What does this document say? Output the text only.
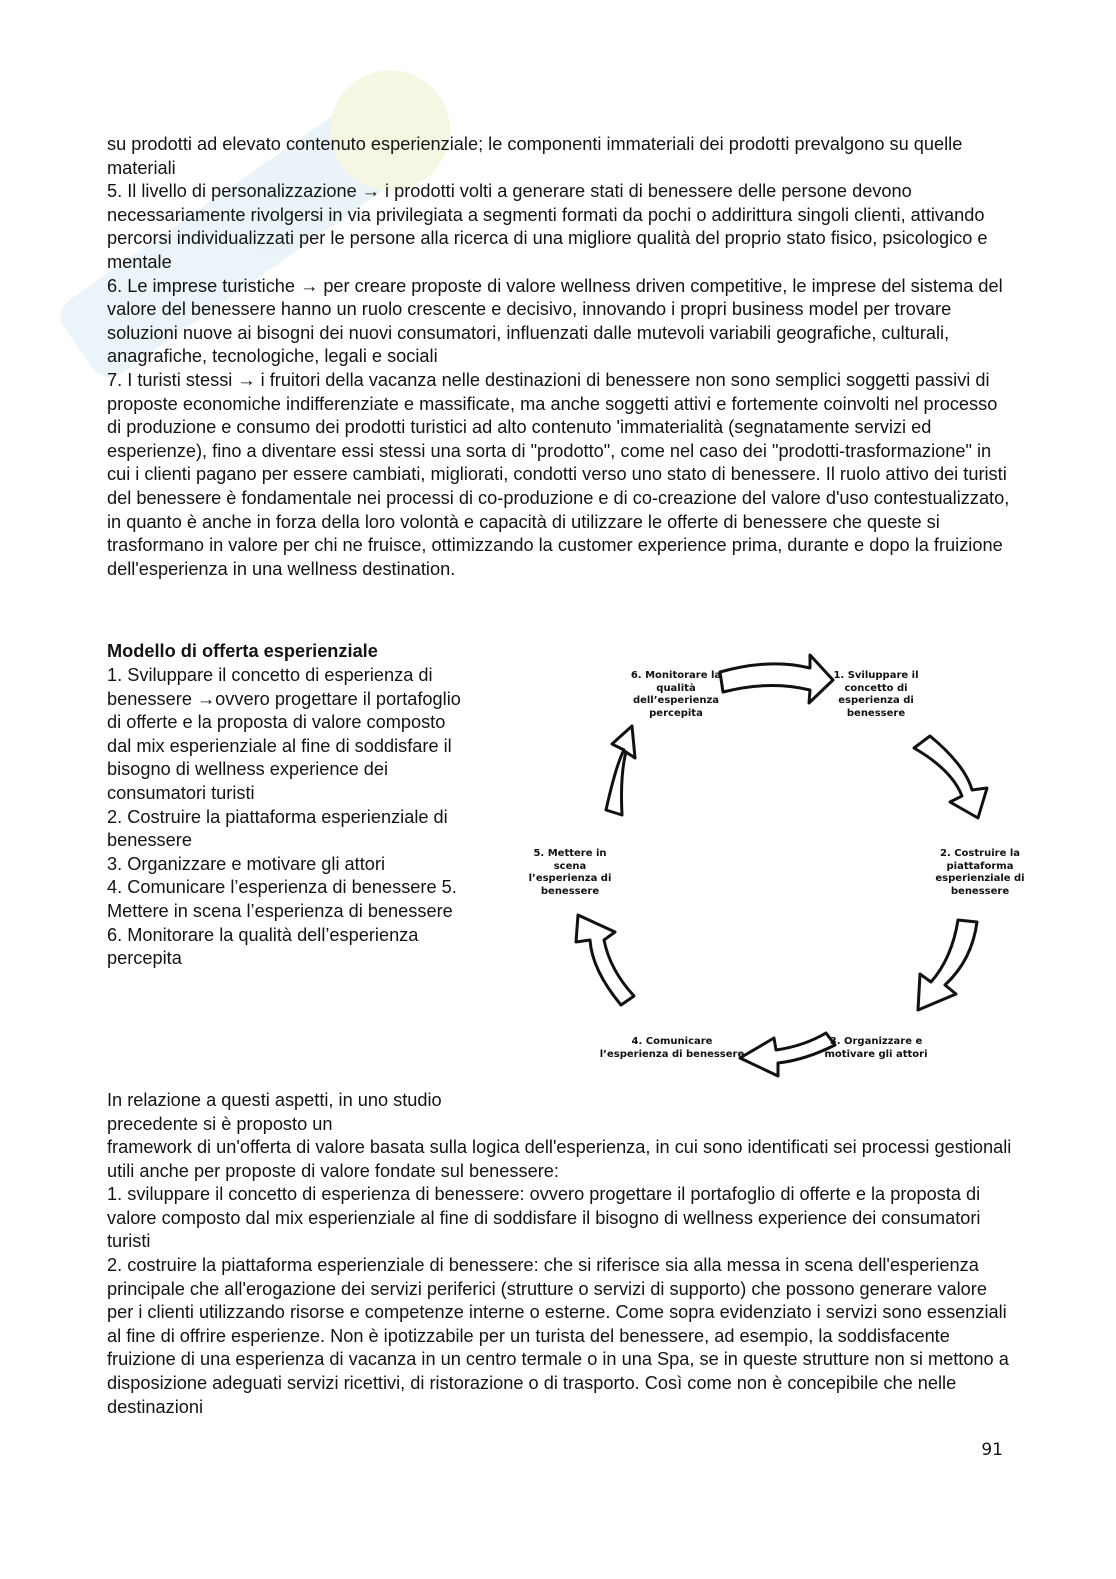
su prodotti ad elevato contenuto esperienziale; le componenti immateriali dei prodotti prevalgono su quelle materiali

5. Il livello di personalizzazione → i prodotti volti a generare stati di benessere delle persone devono necessariamente rivolgersi in via privilegiata a segmenti formati da pochi o addirittura singoli clienti, attivando percorsi individualizzati per le persone alla ricerca di una migliore qualità del proprio stato fisico, psicologico e mentale

6. Le imprese turistiche → per creare proposte di valore wellness driven competitive, le imprese del sistema del valore del benessere hanno un ruolo crescente e decisivo, innovando i propri business model per trovare soluzioni nuove ai bisogni dei nuovi consumatori, influenzati dalle mutevoli variabili geografiche, culturali, anagrafiche, tecnologiche, legali e sociali

7. I turisti stessi → i fruitori della vacanza nelle destinazioni di benessere non sono semplici soggetti passivi di proposte economiche indifferenziate e massificate, ma anche soggetti attivi e fortemente coinvolti nel processo di produzione e consumo dei prodotti turistici ad alto contenuto 'immaterialità (segnatamente servizi ed esperienze), fino a diventare essi stessi una sorta di "prodotto", come nel caso dei "prodotti-trasformazione" in cui i clienti pagano per essere cambiati, migliorati, condotti verso uno stato di benessere. Il ruolo attivo dei turisti del benessere è fondamentale nei processi di co-produzione e di co-creazione del valore d'uso contestualizzato, in quanto è anche in forza della loro volontà e capacità di utilizzare le offerte di benessere che queste si trasformano in valore per chi ne fruisce, ottimizzando la customer experience prima, durante e dopo la fruizione dell'esperienza in una wellness destination.

Modello di offerta esperienziale

1. Sviluppare il concetto di esperienza di benessere →ovvero progettare il portafoglio di offerte e la proposta di valore composto dal mix esperienziale al fine di soddisfare il bisogno di wellness experience dei consumatori turisti

2. Costruire la piattaforma esperienziale di benessere

3. Organizzare e motivare gli attori

4. Comunicare l’esperienza di benessere 5. Mettere in scena l’esperienza di benessere

6. Monitorare la qualità dell’esperienza percepita

1. Sviluppare il
concetto di
esperienza di
benessere
2. Costruire la
piattaforma
esperienziale di
benessere
3. Organizzare e
motivare gli attori
4. Comunicare
l’esperienza di benessere
5. Mettere in
scena
l’esperienza di
benessere
6. Monitorare la
qualità
dell’esperienza
percepita

In relazione a questi aspetti, in uno studio precedente si è proposto un

framework di un'offerta di valore basata sulla logica dell'esperienza, in cui sono identificati sei processi gestionali utili anche per proposte di valore fondate sul benessere:

1. sviluppare il concetto di esperienza di benessere: ovvero progettare il portafoglio di offerte e la proposta di valore composto dal mix esperienziale al fine di soddisfare il bisogno di wellness experience dei consumatori turisti

2. costruire la piattaforma esperienziale di benessere: che si riferisce sia alla messa in scena dell'esperienza principale che all'erogazione dei servizi periferici (strutture o servizi di supporto) che possono generare valore per i clienti utilizzando risorse e competenze interne o esterne. Come sopra evidenziato i servizi sono essenziali al fine di offrire esperienze. Non è ipotizzabile per un turista del benessere, ad esempio, la soddisfacente fruizione di una esperienza di vacanza in un centro termale o in una Spa, se in queste strutture non si mettono a disposizione adeguati servizi ricettivi, di ristorazione o di trasporto. Così come non è concepibile che nelle destinazioni

91
